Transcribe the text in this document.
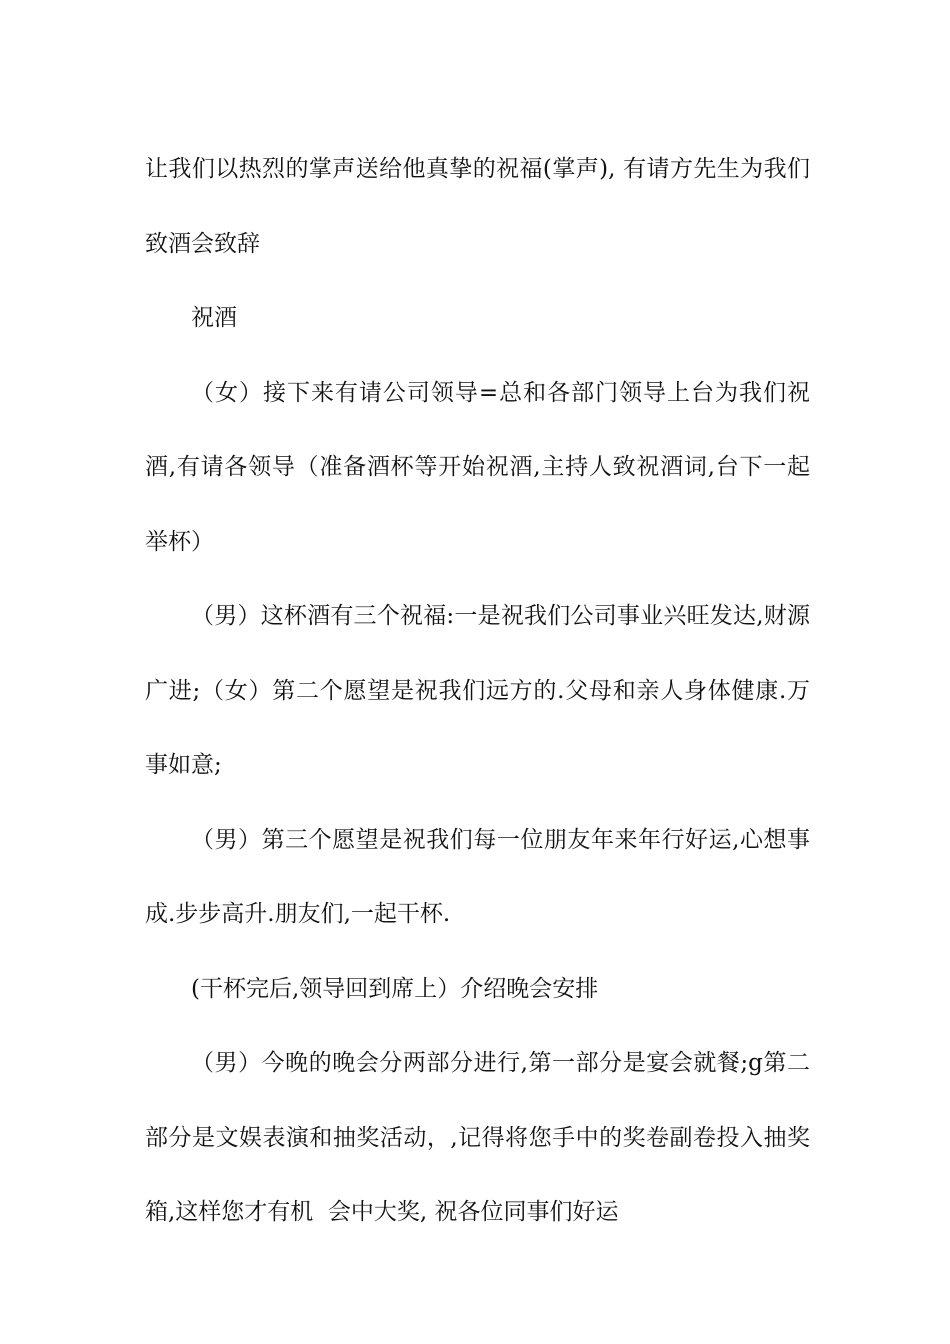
让我们以热烈的掌声送给他真挚的祝福(掌声), 有请方先生为我们致酒会致辞

祝酒

（女）接下来有请公司领导=总和各部门领导上台为我们祝酒,有请各领导（准备酒杯等开始祝酒,主持人致祝酒词,台下一起举杯）

（男）这杯酒有三个祝福:一是祝我们公司事业兴旺发达,财源广进;（女）第二个愿望是祝我们远方的.父母和亲人身体健康.万事如意;

（男）第三个愿望是祝我们每一位朋友年来年行好运,心想事成.步步高升.朋友们,一起干杯.

(干杯完后,领导回到席上）介绍晚会安排

（男）今晚的晚会分两部分进行,第一部分是宴会就餐;g第二部分是文娱表演和抽奖活动，,记得将您手中的奖卷副卷投入抽奖箱,这样您才有机  会中大奖, 祝各位同事们好运
